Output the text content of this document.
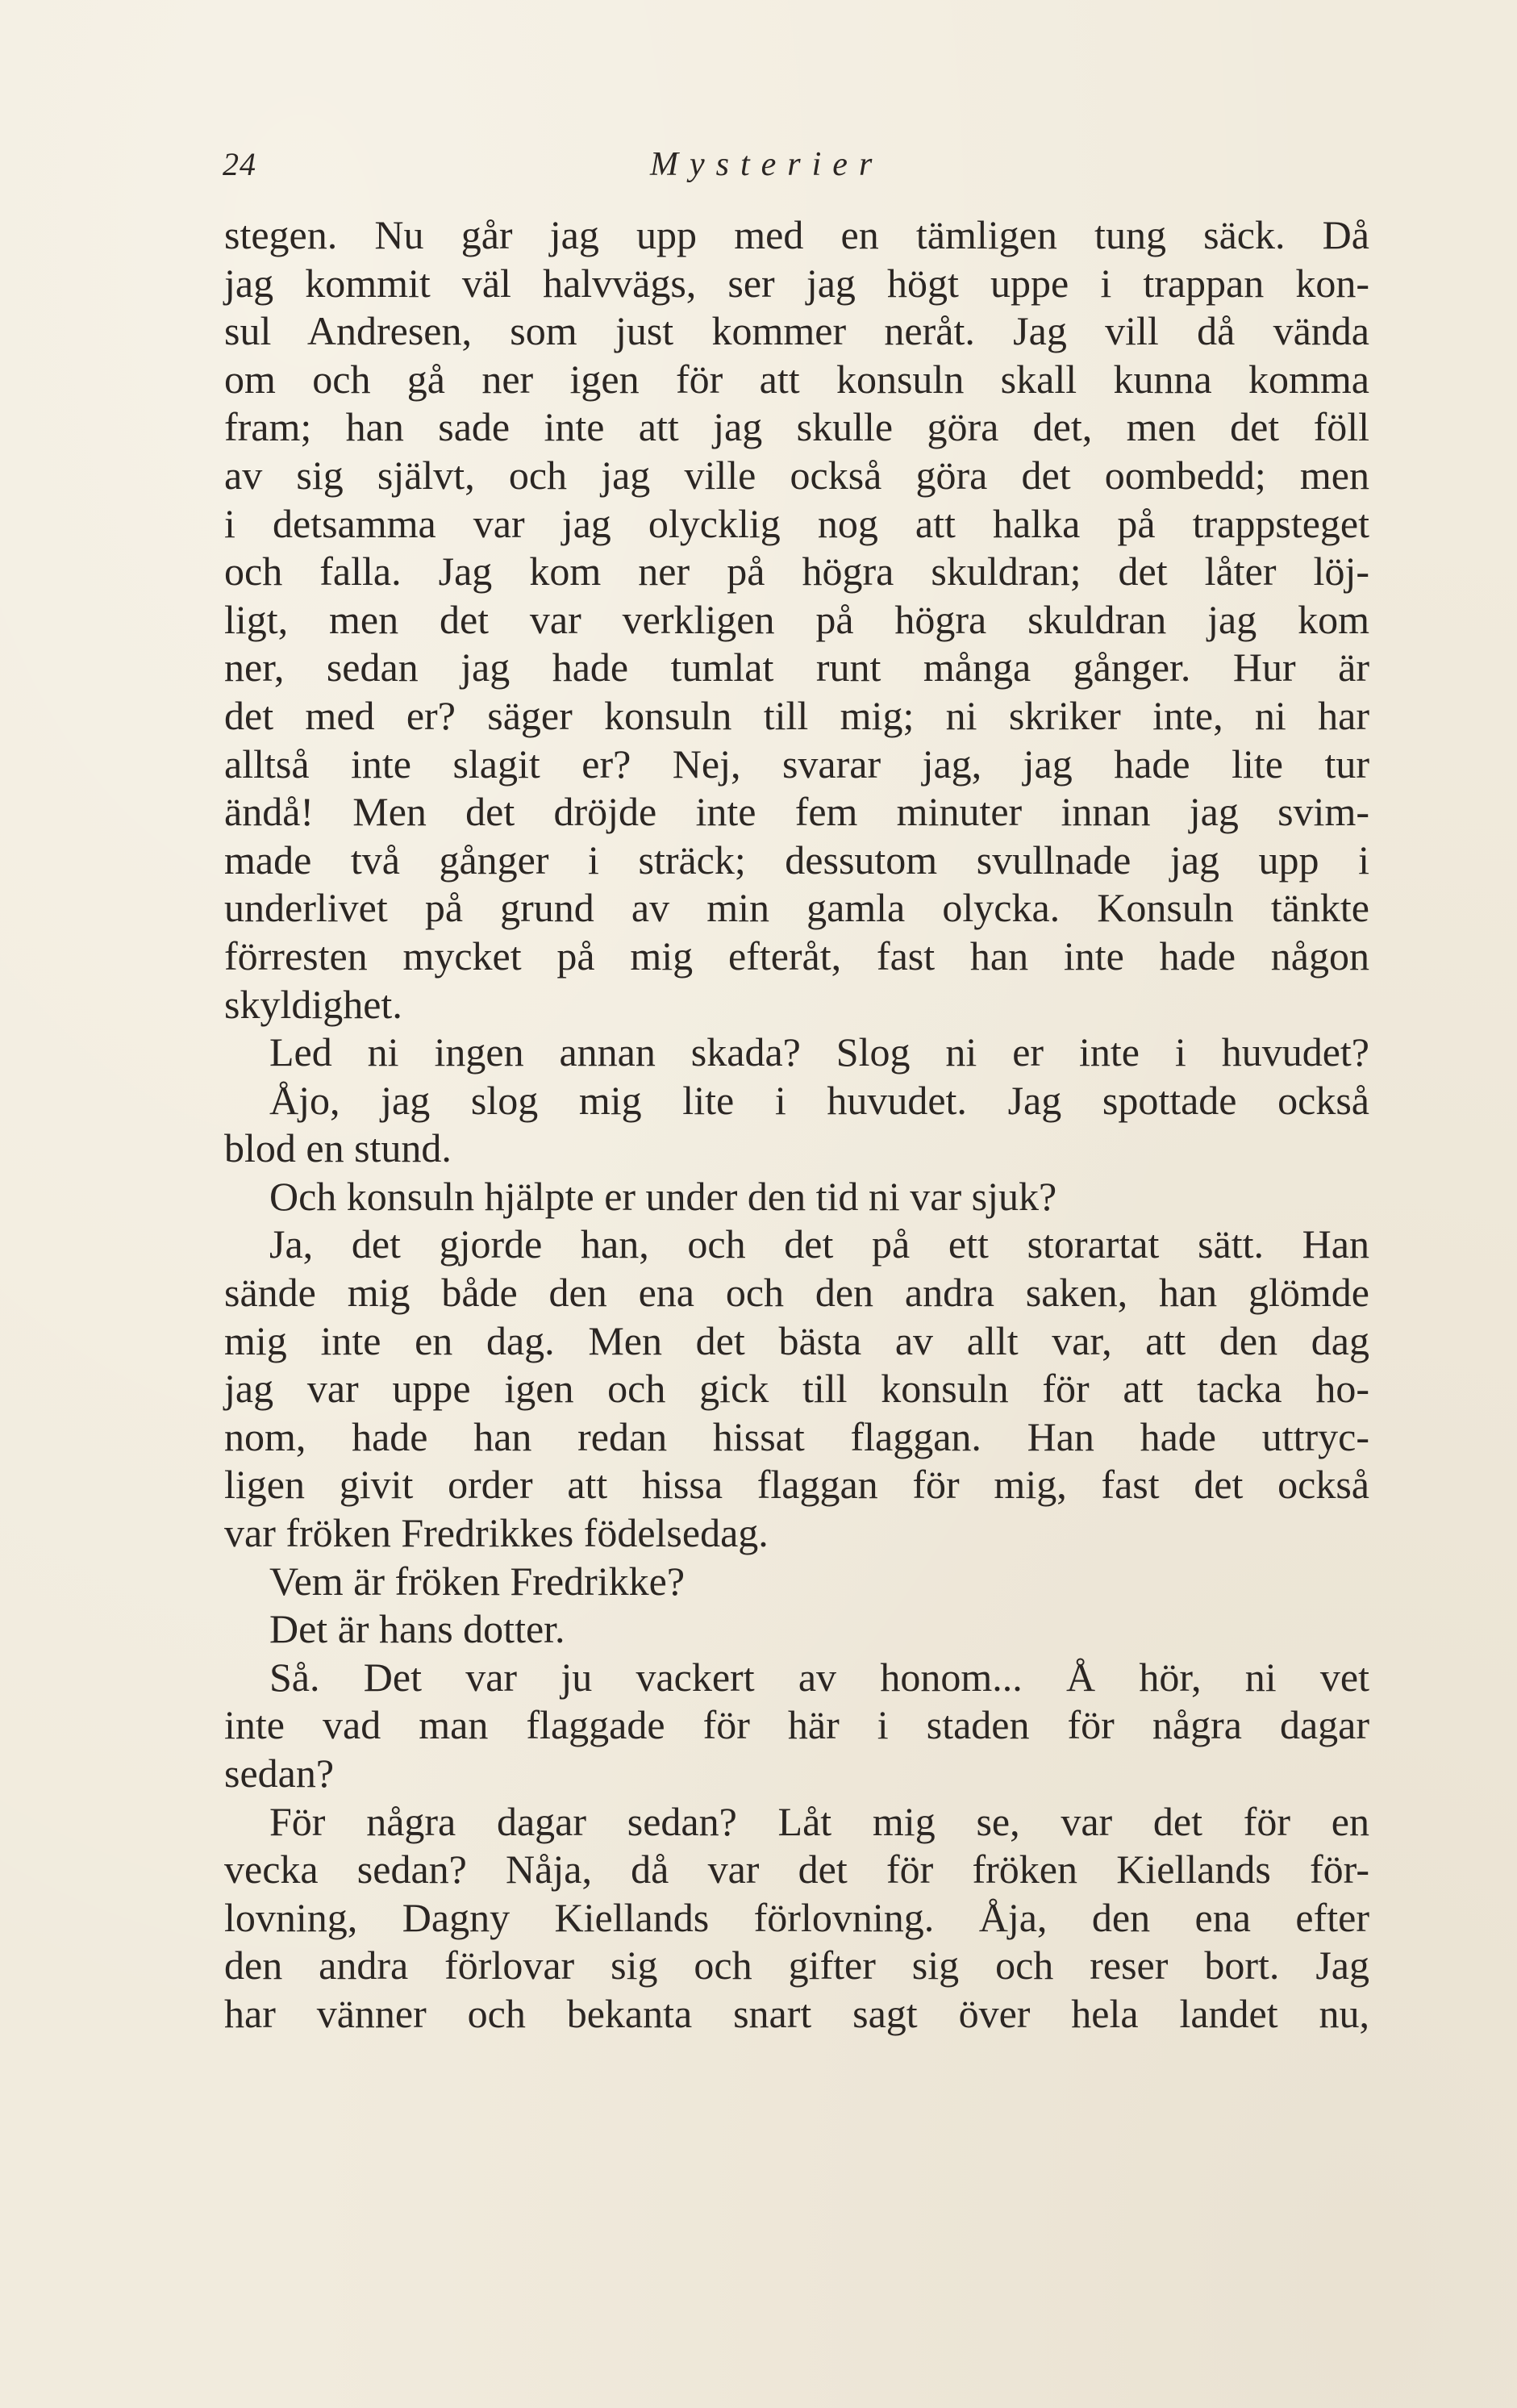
24	Mysterier
stegen. Nu går jag upp med en tämligen tung säck. Då
jag kommit väl halvvägs, ser jag högt uppe i trappan kon-
sul Andresen, som just kommer neråt. Jag vill då vända
om och gå ner igen för att konsuln skall kunna komma
fram; han sade inte att jag skulle göra det, men det föll
av sig självt, och jag ville också göra det oombedd; men
i detsamma var jag olycklig nog att halka på trappsteget
och falla. Jag kom ner på högra skuldran; det låter löj-
ligt, men det var verkligen på högra skuldran jag kom
ner, sedan jag hade tumlat runt många gånger. Hur är
det med er? säger konsuln till mig; ni skriker inte, ni har
alltså inte slagit er? Nej, svarar jag, jag hade lite tur
ändå! Men det dröjde inte fem minuter innan jag svim-
made två gånger i sträck; dessutom svullnade jag upp i
underlivet på grund av min gamla olycka. Konsuln tänkte
förresten mycket på mig efteråt, fast han inte hade någon
skyldighet.
Led ni ingen annan skada? Slog ni er inte i huvudet?
Åjo, jag slog mig lite i huvudet. Jag spottade också
blod en stund.
Och konsuln hjälpte er under den tid ni var sjuk?
Ja, det gjorde han, och det på ett storartat sätt. Han
sände mig både den ena och den andra saken, han glömde
mig inte en dag. Men det bästa av allt var, att den dag
jag var uppe igen och gick till konsuln för att tacka ho-
nom, hade han redan hissat flaggan. Han hade uttryc-
ligen givit order att hissa flaggan för mig, fast det också
var fröken Fredrikkes födelsedag.
Vem är fröken Fredrikke?
Det är hans dotter.
Så. Det var ju vackert av honom... Å hör, ni vet
inte vad man flaggade för här i staden för några dagar
sedan?
För några dagar sedan? Låt mig se, var det för en
vecka sedan? Nåja, då var det för fröken Kiellands för-
lovning, Dagny Kiellands förlovning. Åja, den ena efter
den andra förlovar sig och gifter sig och reser bort. Jag
har vänner och bekanta snart sagt över hela landet nu,
